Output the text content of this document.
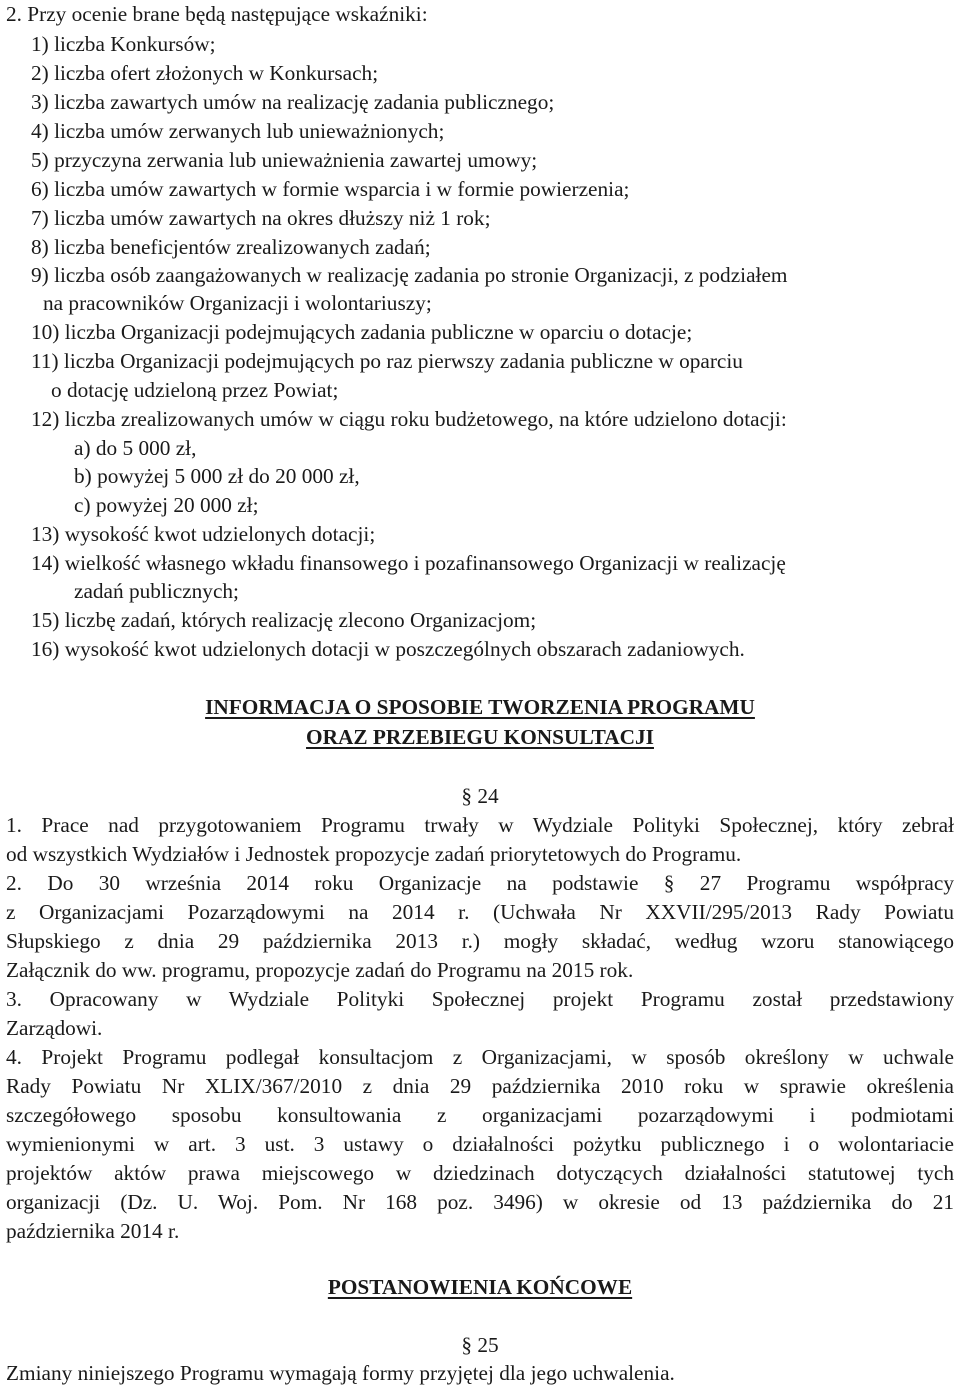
2. Przy ocenie brane będą następujące wskaźniki:
1) liczba Konkursów;
2) liczba ofert złożonych w Konkursach;
3) liczba zawartych umów na realizację zadania publicznego;
4) liczba umów zerwanych lub unieważnionych;
5) przyczyna zerwania lub unieważnienia zawartej umowy;
6) liczba umów zawartych w formie wsparcia i w formie powierzenia;
7) liczba umów zawartych na okres dłuższy niż 1 rok;
8) liczba beneficjentów zrealizowanych zadań;
9) liczba osób zaangażowanych w realizację zadania po stronie Organizacji, z podziałem
na pracowników Organizacji i wolontariuszy;
10) liczba Organizacji podejmujących zadania publiczne w oparciu o dotacje;
11) liczba Organizacji podejmujących po raz pierwszy zadania publiczne w oparciu
o dotację udzieloną przez Powiat;
12) liczba zrealizowanych umów w ciągu roku budżetowego, na które udzielono dotacji:
a) do 5 000 zł,
b) powyżej 5 000 zł do 20 000 zł,
c) powyżej 20 000 zł;
13) wysokość kwot udzielonych dotacji;
14) wielkość własnego wkładu finansowego i pozafinansowego Organizacji w realizację
zadań publicznych;
15) liczbę zadań, których realizację zlecono Organizacjom;
16) wysokość kwot udzielonych dotacji w poszczególnych obszarach zadaniowych.
INFORMACJA O SPOSOBIE TWORZENIA PROGRAMU
ORAZ PRZEBIEGU KONSULTACJI
§ 24
1. Prace nad przygotowaniem Programu trwały w Wydziale Polityki Społecznej, który zebrał
od wszystkich Wydziałów i Jednostek propozycje zadań priorytetowych do Programu.
2. Do 30 września 2014 roku Organizacje na podstawie § 27 Programu współpracy
z Organizacjami Pozarządowymi na 2014 r. (Uchwała Nr XXVII/295/2013 Rady Powiatu
Słupskiego z dnia 29 października 2013 r.) mogły składać, według wzoru stanowiącego
Załącznik do ww. programu, propozycje zadań do Programu na 2015 rok.
3. Opracowany w Wydziale Polityki Społecznej projekt Programu został przedstawiony
Zarządowi.
4. Projekt Programu podlegał konsultacjom z Organizacjami, w sposób określony w uchwale
Rady Powiatu Nr XLIX/367/2010 z dnia 29 października 2010 roku w sprawie określenia
szczegółowego sposobu konsultowania z organizacjami pozarządowymi i podmiotami
wymienionymi w art. 3 ust. 3 ustawy o działalności pożytku publicznego i o wolontariacie
projektów aktów prawa miejscowego w dziedzinach dotyczących działalności statutowej tych
organizacji (Dz. U. Woj. Pom. Nr 168 poz. 3496) w okresie od 13 października do 21
października 2014 r.
POSTANOWIENIA KOŃCOWE
§ 25
Zmiany niniejszego Programu wymagają formy przyjętej dla jego uchwalenia.
